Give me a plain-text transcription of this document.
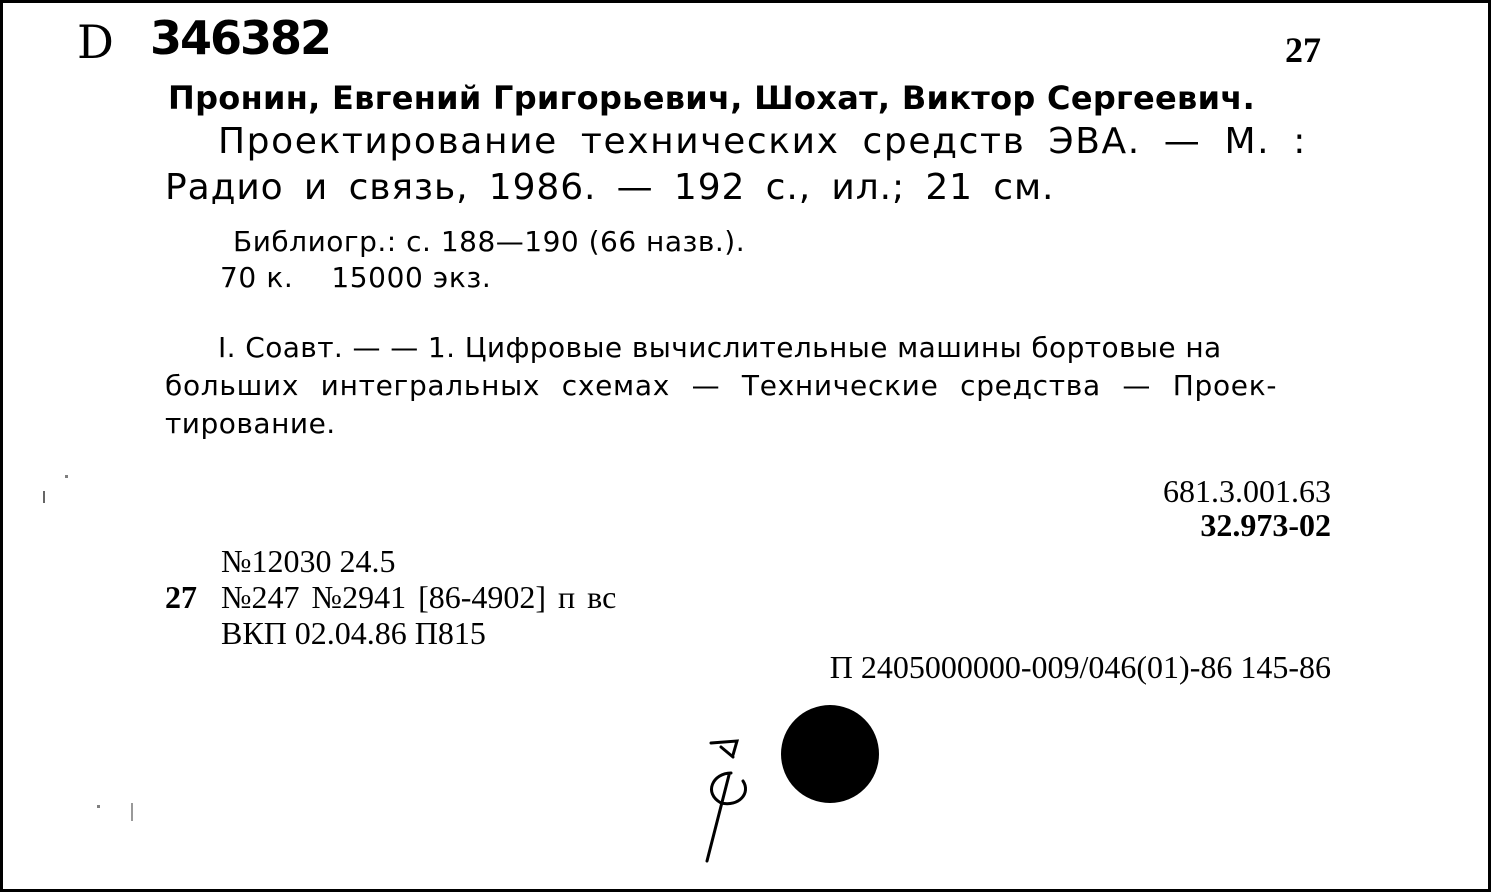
D 346382	27
Пронин, Евгений Григорьевич, Шохат, Виктор Сергеевич.
Проектирование технических средств ЭВА. — М. :
Радио и связь, 1986. — 192 с., ил.; 21 см.
Библиогр.: с. 188—190 (66 назв.).
70 к.    15000 экз.
I. Соавт. — — 1. Цифровые вычислительные машины бортовые на
больших интегральных схемах — Технические средства — Проек-
тирование.
681.3.001.63
32.973-02
№12030 24.5
27 №247 №2941 [86-4902] п вс
ВКП 02.04.86 П815
П 2405000000-009/046(01)-86 145-86
